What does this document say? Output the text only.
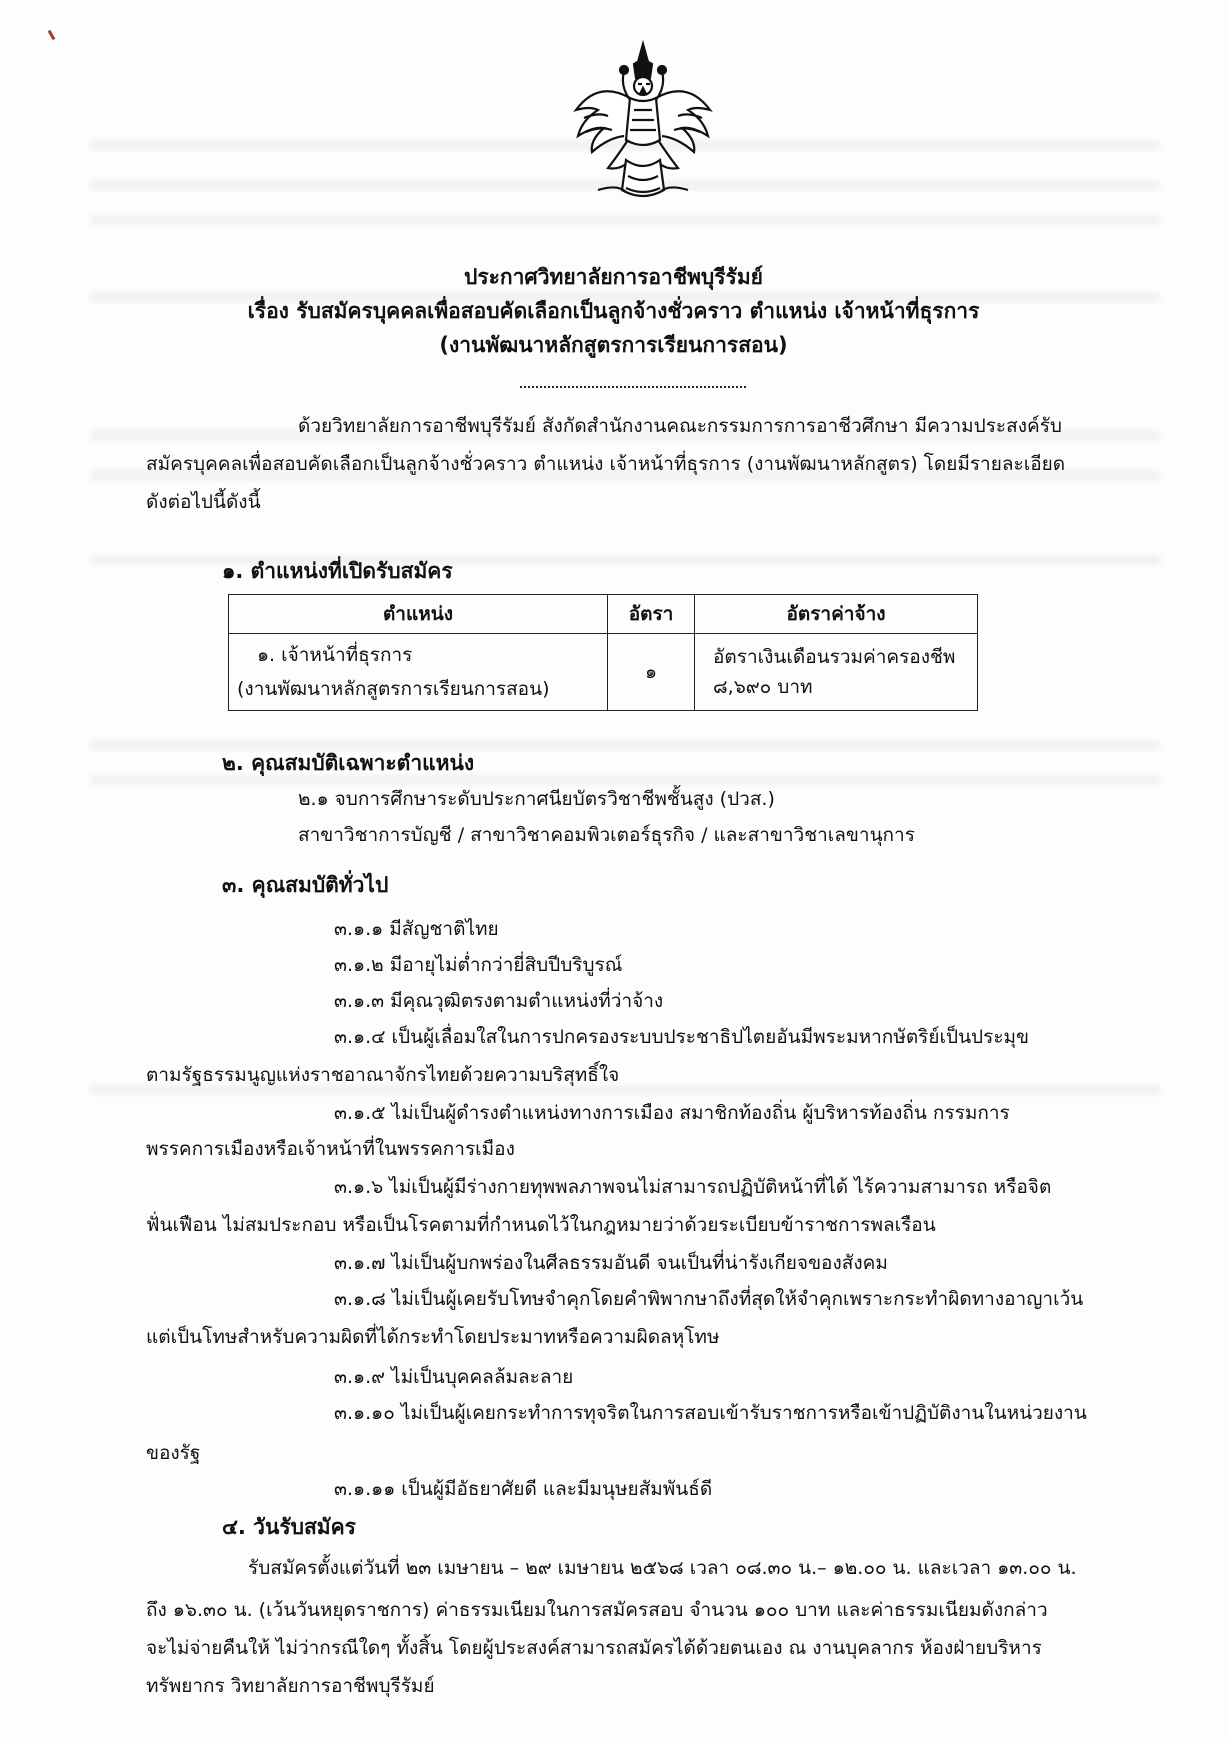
ประกาศวิทยาลัยการอาชีพบุรีรัมย์
เรื่อง รับสมัครบุคคลเพื่อสอบคัดเลือกเป็นลูกจ้างชั่วคราว ตำแหน่ง เจ้าหน้าที่ธุรการ
(งานพัฒนาหลักสูตรการเรียนการสอน)
ด้วยวิทยาลัยการอาชีพบุรีรัมย์ สังกัดสำนักงานคณะกรรมการการอาชีวศึกษา มีความประสงค์รับ
สมัครบุคคลเพื่อสอบคัดเลือกเป็นลูกจ้างชั่วคราว ตำแหน่ง เจ้าหน้าที่ธุรการ (งานพัฒนาหลักสูตร) โดยมีรายละเอียด
ดังต่อไปนี้ดังนี้
๑. ตำแหน่งที่เปิดรับสมัคร
ตำแหน่ง	อัตรา	อัตราค่าจ้าง

๑. เจ้าหน้าที่ธุรการ
(งานพัฒนาหลักสูตรการเรียนการสอน)	๑	อัตราเงินเดือนรวมค่าครองชีพ ๘,๖๙๐ บาท
๒. คุณสมบัติเฉพาะตำแหน่ง
๒.๑ จบการศึกษาระดับประกาศนียบัตรวิชาชีพชั้นสูง (ปวส.)
สาขาวิชาการบัญชี / สาขาวิชาคอมพิวเตอร์ธุรกิจ / และสาขาวิชาเลขานุการ
๓. คุณสมบัติทั่วไป
๓.๑.๑ มีสัญชาติไทย
๓.๑.๒ มีอายุไม่ต่ำกว่ายี่สิบปีบริบูรณ์
๓.๑.๓ มีคุณวุฒิตรงตามตำแหน่งที่ว่าจ้าง
๓.๑.๔ เป็นผู้เลื่อมใสในการปกครองระบบประชาธิปไตยอันมีพระมหากษัตริย์เป็นประมุข
ตามรัฐธรรมนูญแห่งราชอาณาจักรไทยด้วยความบริสุทธิ์ใจ
๓.๑.๕ ไม่เป็นผู้ดำรงตำแหน่งทางการเมือง สมาชิกท้องถิ่น ผู้บริหารท้องถิ่น กรรมการ
พรรคการเมืองหรือเจ้าหน้าที่ในพรรคการเมือง
๓.๑.๖ ไม่เป็นผู้มีร่างกายทุพพลภาพจนไม่สามารถปฏิบัติหน้าที่ได้ ไร้ความสามารถ หรือจิต
ฟั่นเฟือน ไม่สมประกอบ หรือเป็นโรคตามที่กำหนดไว้ในกฎหมายว่าด้วยระเบียบข้าราชการพลเรือน
๓.๑.๗ ไม่เป็นผู้บกพร่องในศีลธรรมอันดี จนเป็นที่น่ารังเกียจของสังคม
๓.๑.๘ ไม่เป็นผู้เคยรับโทษจำคุกโดยคำพิพากษาถึงที่สุดให้จำคุกเพราะกระทำผิดทางอาญาเว้น
แต่เป็นโทษสำหรับความผิดที่ได้กระทำโดยประมาทหรือความผิดลหุโทษ
๓.๑.๙ ไม่เป็นบุคคลล้มละลาย
๓.๑.๑๐ ไม่เป็นผู้เคยกระทำการทุจริตในการสอบเข้ารับราชการหรือเข้าปฏิบัติงานในหน่วยงาน
ของรัฐ
๓.๑.๑๑ เป็นผู้มีอัธยาศัยดี และมีมนุษยสัมพันธ์ดี
๔. วันรับสมัคร
รับสมัครตั้งแต่วันที่ ๒๓ เมษายน – ๒๙ เมษายน ๒๕๖๘ เวลา ๐๘.๓๐ น.– ๑๒.๐๐ น. และเวลา ๑๓.๐๐ น.
ถึง ๑๖.๓๐ น. (เว้นวันหยุดราชการ) ค่าธรรมเนียมในการสมัครสอบ จำนวน ๑๐๐ บาท และค่าธรรมเนียมดังกล่าว
จะไม่จ่ายคืนให้ ไม่ว่ากรณีใดๆ ทั้งสิ้น โดยผู้ประสงค์สามารถสมัครได้ด้วยตนเอง ณ งานบุคลากร ห้องฝ่ายบริหาร
ทรัพยากร วิทยาลัยการอาชีพบุรีรัมย์
